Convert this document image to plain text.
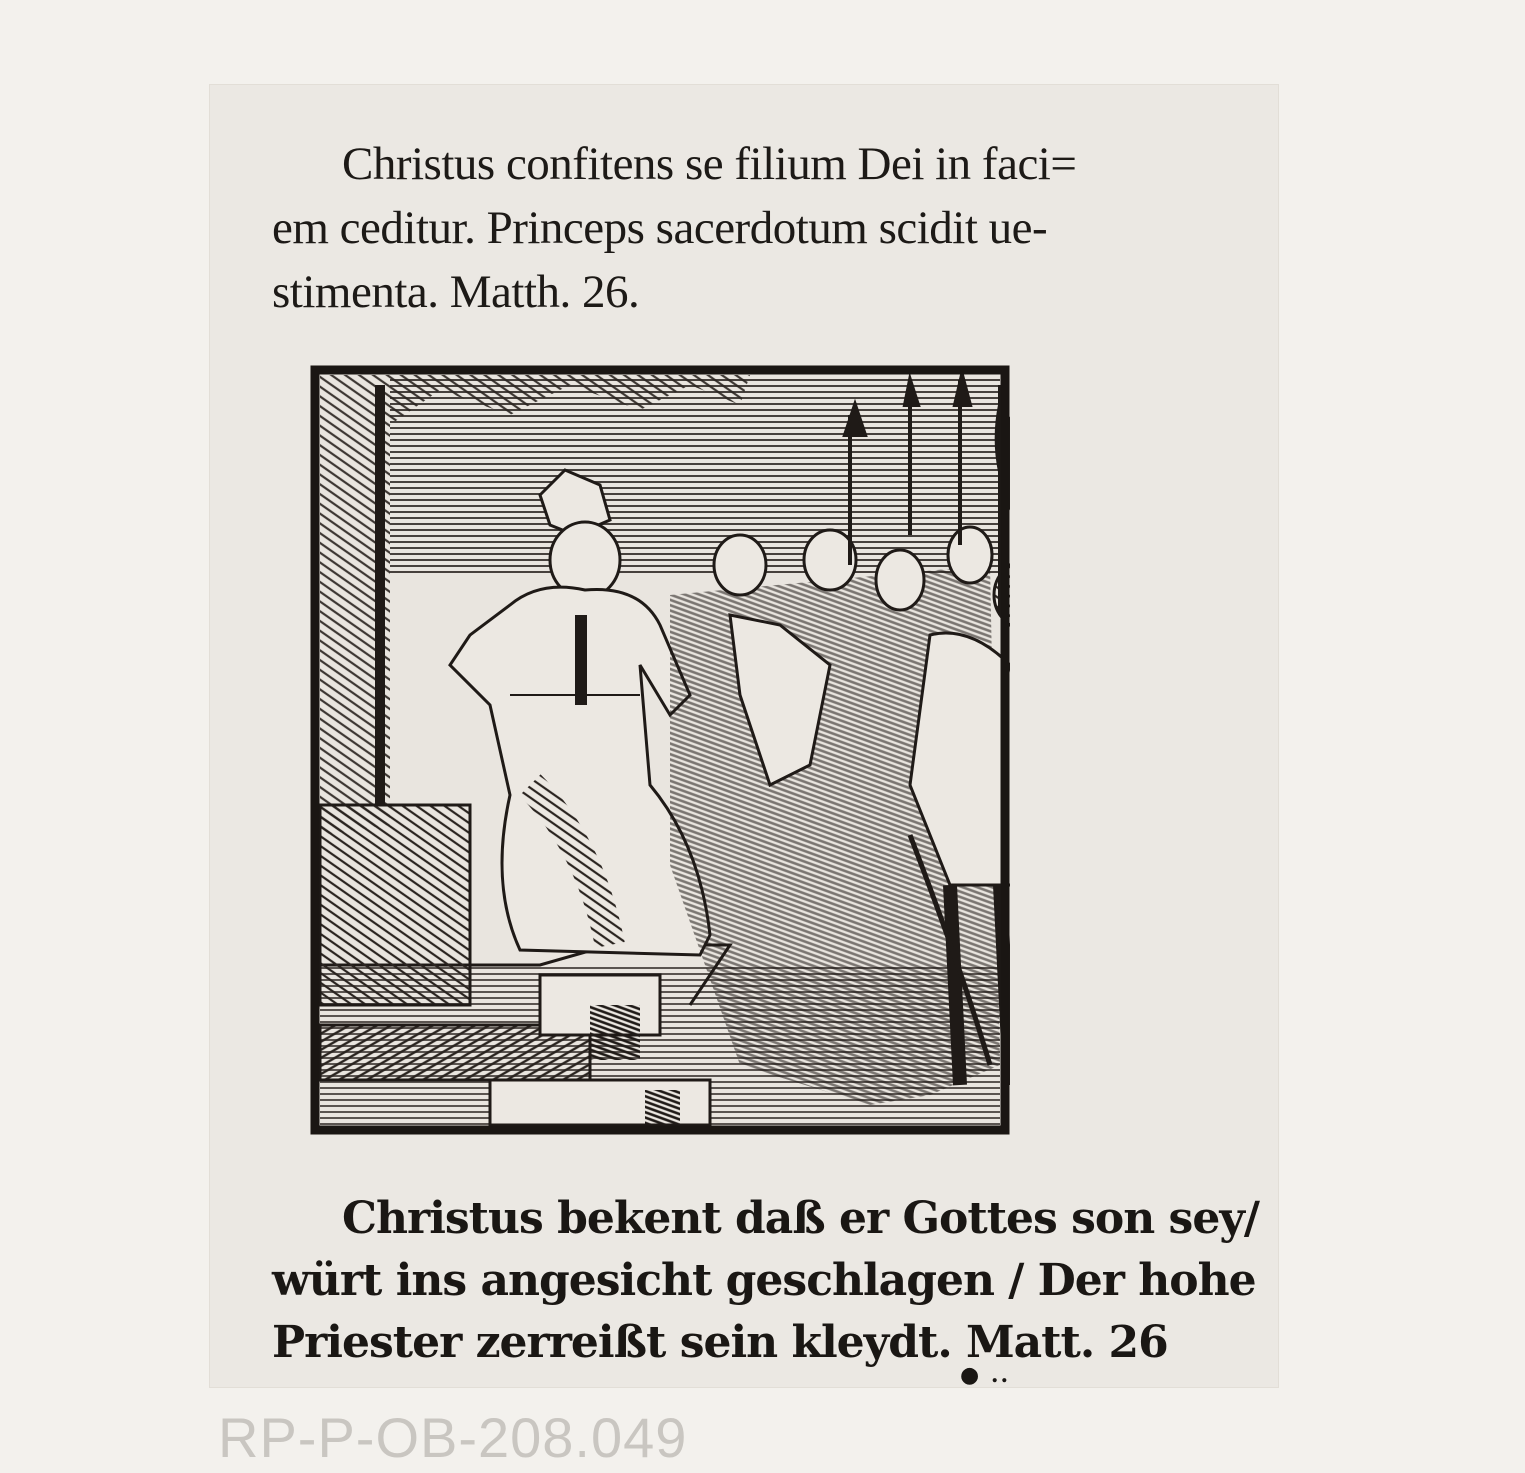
Christus confitens se filium Dei in faci=
em ceditur. Princeps sacerdotum scidit ue-
stimenta. Matth. 26.
Christus bekent daß er Gottes son sey/
würt ins angesicht geschlagen / Der hohe
Priester zerreißt sein kleydt. Matt. 26
● ..
RP-P-OB-208.049
